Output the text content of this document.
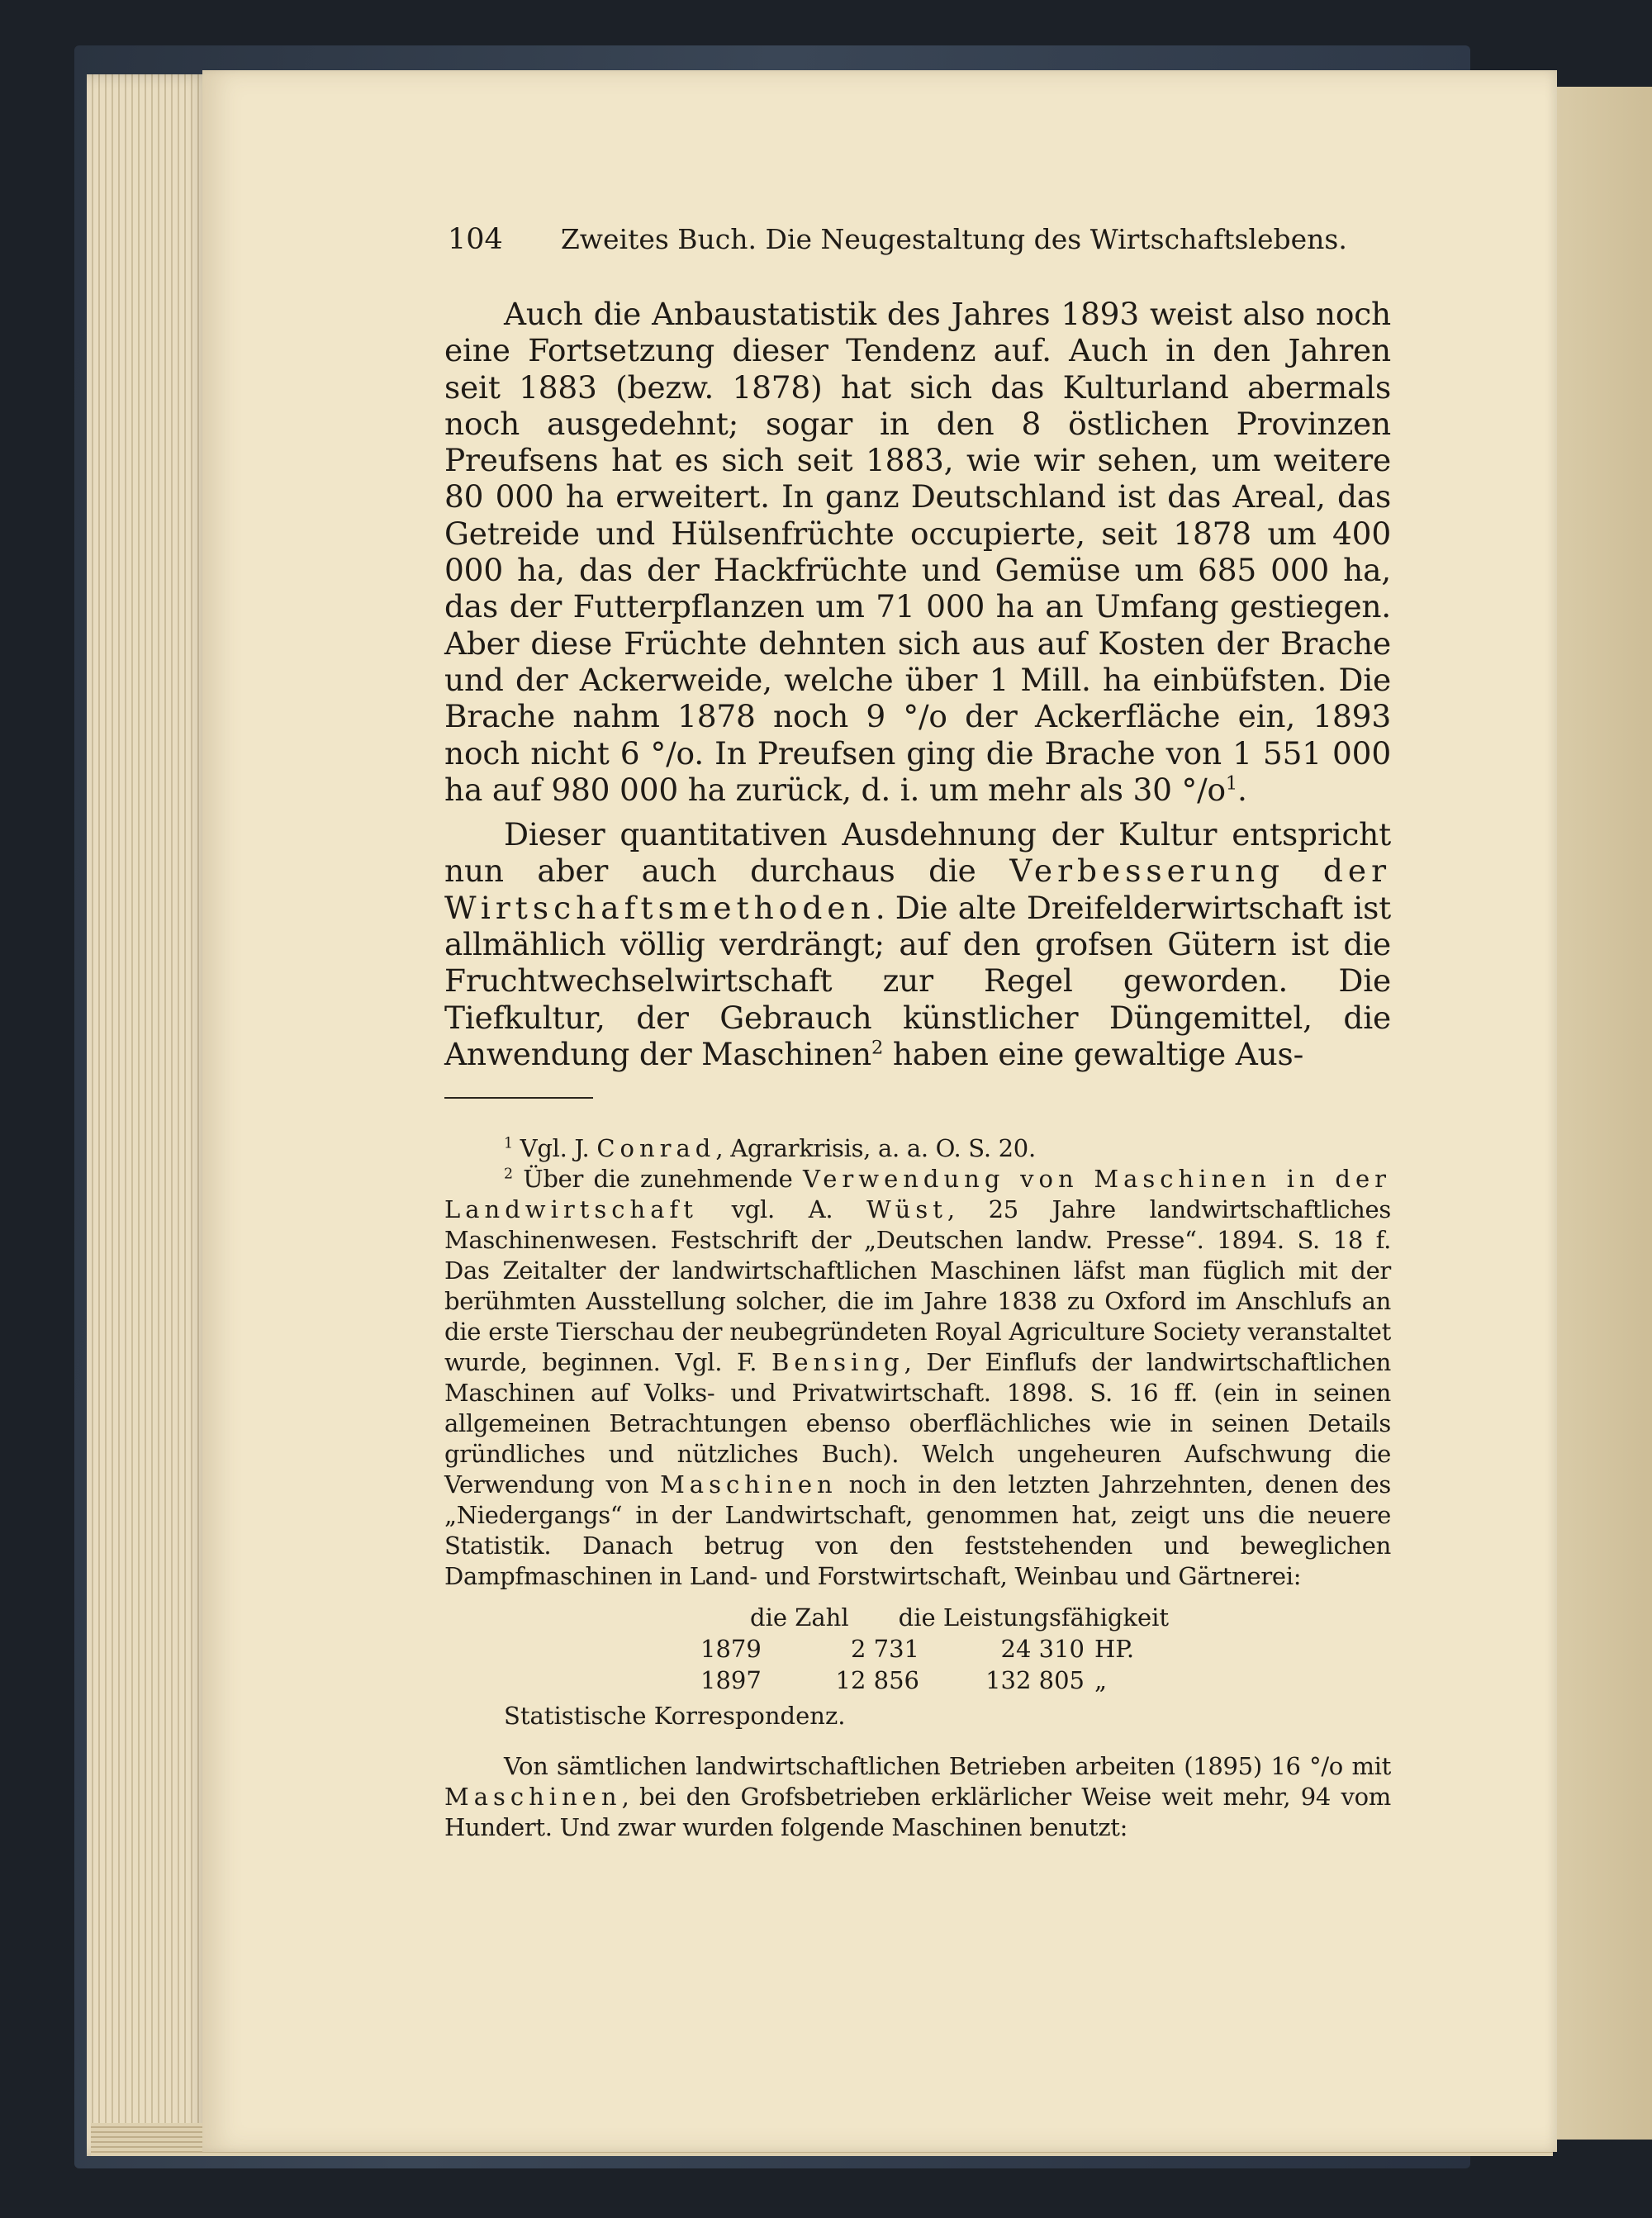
104 Zweites Buch. Die Neugestaltung des Wirtschaftslebens.

Auch die Anbaustatistik des Jahres 1893 weist also noch eine Fortsetzung dieser Tendenz auf. Auch in den Jahren seit 1883 (bezw. 1878) hat sich das Kulturland abermals noch ausgedehnt; sogar in den 8 östlichen Provinzen Preufsens hat es sich seit 1883, wie wir sehen, um weitere 80 000 ha erweitert. In ganz Deutschland ist das Areal, das Getreide und Hülsenfrüchte occupierte, seit 1878 um 400 000 ha, das der Hackfrüchte und Gemüse um 685 000 ha, das der Futterpflanzen um 71 000 ha an Umfang gestiegen. Aber diese Früchte dehnten sich aus auf Kosten der Brache und der Ackerweide, welche über 1 Mill. ha einbüfsten. Die Brache nahm 1878 noch 9 °/o der Ackerfläche ein, 1893 noch nicht 6 °/o. In Preufsen ging die Brache von 1 551 000 ha auf 980 000 ha zurück, d. i. um mehr als 30 $^\circ/o^1$.

Dieser quantitativen Ausdehnung der Kultur entspricht nun aber auch durchaus die Verbesserung der Wirtschaftsmethoden. Die alte Dreifelderwirtschaft ist allmählich völlig verdrängt; auf den grofsen Gütern ist die Fruchtwechselwirtschaft zur Regel geworden. Die Tiefkultur, der Gebrauch künstlicher Düngemittel, die Anwendung der Maschinen$^2$ haben eine gewaltige Aus-

$^1$ Vgl. J. Conrad, Agrarkrisis, a. a. O. S. 20.

$^2$ Über die zunehmende Verwendung von Maschinen in der Landwirtschaft vgl. A. Wüst, 25 Jahre landwirtschaftliches Maschinenwesen. Festschrift der „Deutschen landw. Presse“. 1894. S. 18 f. Das Zeitalter der landwirtschaftlichen Maschinen läfst man füglich mit der berühmten Ausstellung solcher, die im Jahre 1838 zu Oxford im Anschlufs an die erste Tierschau der neubegründeten Royal Agriculture Society veranstaltet wurde, beginnen. Vgl. F. Bensing, Der Einflufs der landwirtschaftlichen Maschinen auf Volks- und Privatwirtschaft. 1898. S. 16 ff. (ein in seinen allgemeinen Betrachtungen ebenso oberflächliches wie in seinen Details gründliches und nützliches Buch). Welch ungeheuren Aufschwung die Verwendung von Maschinen noch in den letzten Jahrzehnten, denen des „Niedergangs“ in der Landwirtschaft, genommen hat, zeigt uns die neuere Statistik. Danach betrug von den feststehenden und beweglichen Dampfmaschinen in Land- und Forstwirtschaft, Weinbau und Gärtnerei:

die Zahl die Leistungsfähigkeit
1879	2 731	24 310 HP.
1897	12 856	132 805 „
Statistische Korrespondenz.

Von sämtlichen landwirtschaftlichen Betrieben arbeiten (1895) 16 °/o mit Maschinen, bei den Grofsbetrieben erklärlicher Weise weit mehr, 94 vom Hundert. Und zwar wurden folgende Maschinen benutzt:
